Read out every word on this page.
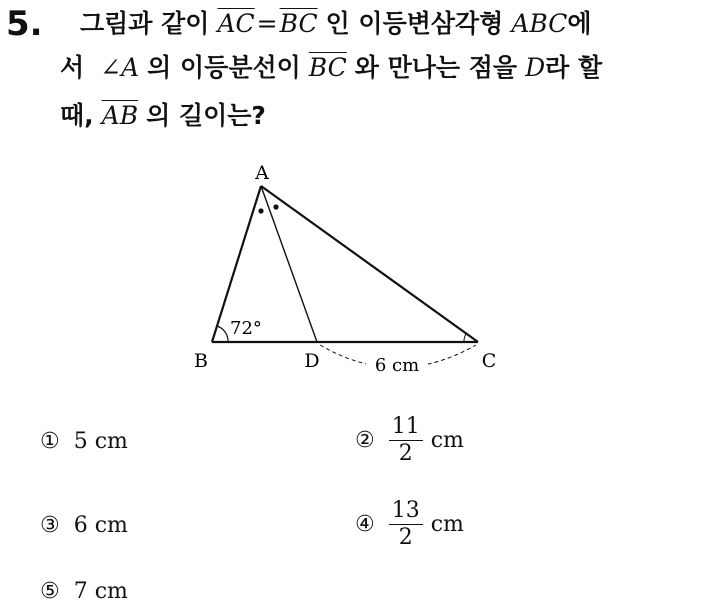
5. 그림과 같이 $\overline{AC}=\overline{BC}$ 인 이등변삼각형 ABC에
서 ∠A 의 이등분선이 $\overline{BC}$ 와 만나는 점을 D라 할
때, $\overline{AB}$ 의 길이는?
A
B	C
D
72°
6 cm
① 5 cm	② $\frac{11}{2}$ cm
③ 6 cm	④ $\frac{13}{2}$ cm
⑤ 7 cm
